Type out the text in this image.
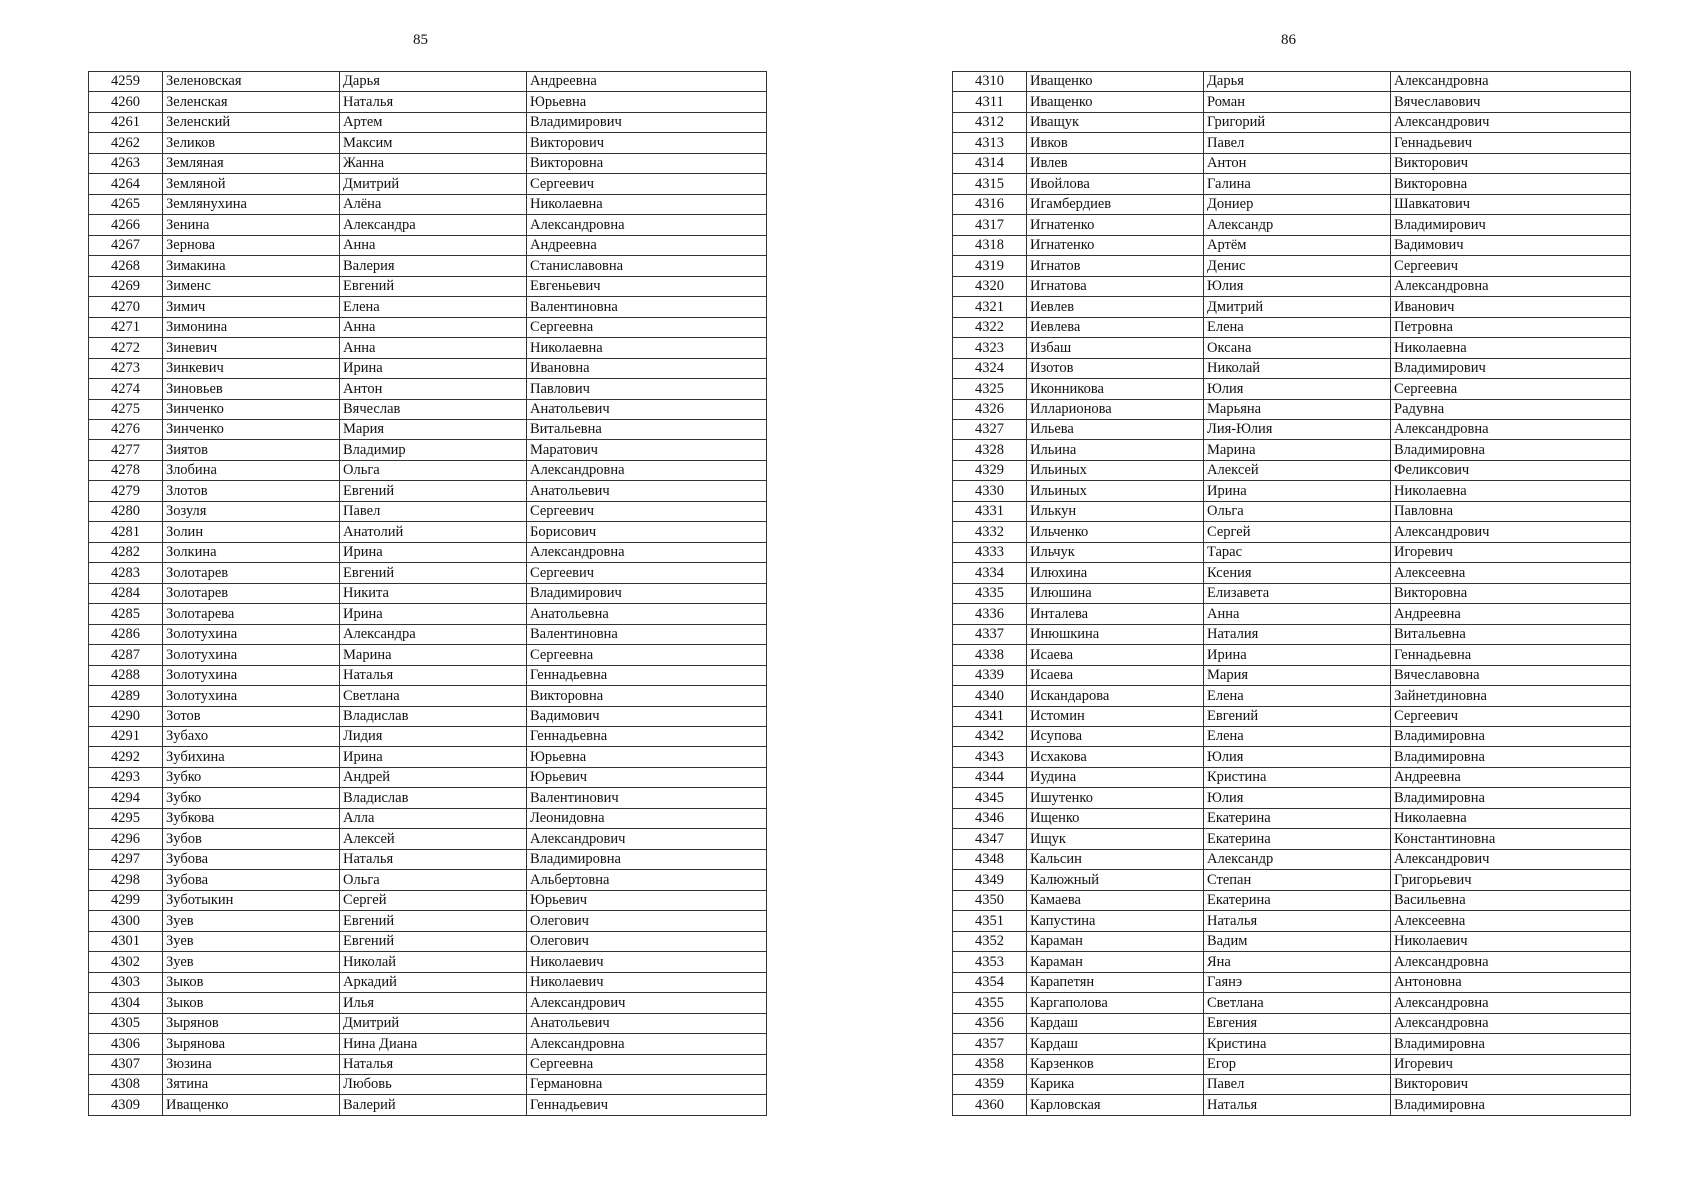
85	86
4259	Зеленовская	Дарья	Андреевна
4260	Зеленская	Наталья	Юрьевна
4261	Зеленский	Артем	Владимирович
4262	Зеликов	Максим	Викторович
4263	Земляная	Жанна	Викторовна
4264	Земляной	Дмитрий	Сергеевич
4265	Землянухина	Алёна	Николаевна
4266	Зенина	Александра	Александровна
4267	Зернова	Анна	Андреевна
4268	Зимакина	Валерия	Станиславовна
4269	Зименс	Евгений	Евгеньевич
4270	Зимич	Елена	Валентиновна
4271	Зимонина	Анна	Сергеевна
4272	Зиневич	Анна	Николаевна
4273	Зинкевич	Ирина	Ивановна
4274	Зиновьев	Антон	Павлович
4275	Зинченко	Вячеслав	Анатольевич
4276	Зинченко	Мария	Витальевна
4277	Зиятов	Владимир	Маратович
4278	Злобина	Ольга	Александровна
4279	Злотов	Евгений	Анатольевич
4280	Зозуля	Павел	Сергеевич
4281	Золин	Анатолий	Борисович
4282	Золкина	Ирина	Александровна
4283	Золотарев	Евгений	Сергеевич
4284	Золотарев	Никита	Владимирович
4285	Золотарева	Ирина	Анатольевна
4286	Золотухина	Александра	Валентиновна
4287	Золотухина	Марина	Сергеевна
4288	Золотухина	Наталья	Геннадьевна
4289	Золотухина	Светлана	Викторовна
4290	Зотов	Владислав	Вадимович
4291	Зубахо	Лидия	Геннадьевна
4292	Зубихина	Ирина	Юрьевна
4293	Зубко	Андрей	Юрьевич
4294	Зубко	Владислав	Валентинович
4295	Зубкова	Алла	Леонидовна
4296	Зубов	Алексей	Александрович
4297	Зубова	Наталья	Владимировна
4298	Зубова	Ольга	Альбертовна
4299	Зуботыкин	Сергей	Юрьевич
4300	Зуев	Евгений	Олегович
4301	Зуев	Евгений	Олегович
4302	Зуев	Николай	Николаевич
4303	Зыков	Аркадий	Николаевич
4304	Зыков	Илья	Александрович
4305	Зырянов	Дмитрий	Анатольевич
4306	Зырянова	Нина Диана	Александровна
4307	Зюзина	Наталья	Сергеевна
4308	Зятина	Любовь	Германовна
4309	Иващенко	Валерий	Геннадьевич
4310	Иващенко	Дарья	Александровна
4311	Иващенко	Роман	Вячеславович
4312	Иващук	Григорий	Александрович
4313	Ивков	Павел	Геннадьевич
4314	Ивлев	Антон	Викторович
4315	Ивойлова	Галина	Викторовна
4316	Игамбердиев	Дониер	Шавкатович
4317	Игнатенко	Александр	Владимирович
4318	Игнатенко	Артём	Вадимович
4319	Игнатов	Денис	Сергеевич
4320	Игнатова	Юлия	Александровна
4321	Иевлев	Дмитрий	Иванович
4322	Иевлева	Елена	Петровна
4323	Избаш	Оксана	Николаевна
4324	Изотов	Николай	Владимирович
4325	Иконникова	Юлия	Сергеевна
4326	Илларионова	Марьяна	Радувна
4327	Ильева	Лия-Юлия	Александровна
4328	Ильина	Марина	Владимировна
4329	Ильиных	Алексей	Феликсович
4330	Ильиных	Ирина	Николаевна
4331	Илькун	Ольга	Павловна
4332	Ильченко	Сергей	Александрович
4333	Ильчук	Тарас	Игоревич
4334	Илюхина	Ксения	Алексеевна
4335	Илюшина	Елизавета	Викторовна
4336	Инталева	Анна	Андреевна
4337	Инюшкина	Наталия	Витальевна
4338	Исаева	Ирина	Геннадьевна
4339	Исаева	Мария	Вячеславовна
4340	Искандарова	Елена	Зайнетдиновна
4341	Истомин	Евгений	Сергеевич
4342	Исупова	Елена	Владимировна
4343	Исхакова	Юлия	Владимировна
4344	Иудина	Кристина	Андреевна
4345	Ишутенко	Юлия	Владимировна
4346	Ищенко	Екатерина	Николаевна
4347	Ищук	Екатерина	Константиновна
4348	Кальсин	Александр	Александрович
4349	Калюжный	Степан	Григорьевич
4350	Камаева	Екатерина	Васильевна
4351	Капустина	Наталья	Алексеевна
4352	Караман	Вадим	Николаевич
4353	Караман	Яна	Александровна
4354	Карапетян	Гаянэ	Антоновна
4355	Каргаполова	Светлана	Александровна
4356	Кардаш	Евгения	Александровна
4357	Кардаш	Кристина	Владимировна
4358	Карзенков	Егор	Игоревич
4359	Карика	Павел	Викторович
4360	Карловская	Наталья	Владимировна
